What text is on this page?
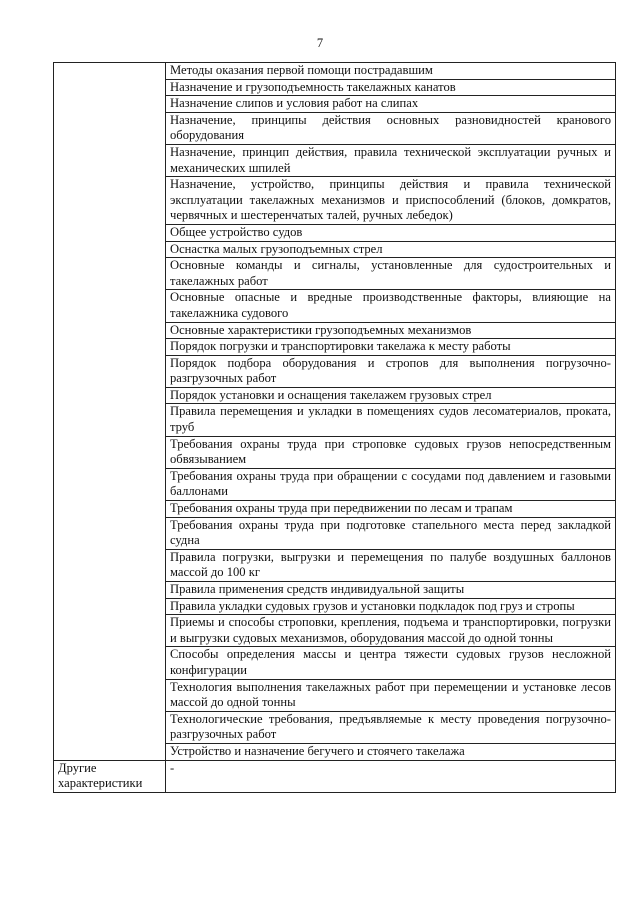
7
	Методы оказания первой помощи пострадавшим
	Назначение и грузоподъемность такелажных канатов
	Назначение слипов и условия работ на слипах
	Назначение, принципы действия основных разновидностей кранового оборудования
	Назначение, принцип действия, правила технической эксплуатации ручных и механических шпилей
	Назначение, устройство, принципы действия и правила технической эксплуатации такелажных механизмов и приспособлений (блоков, домкратов, червячных и шестеренчатых талей, ручных лебедок)
	Общее устройство судов
	Оснастка малых грузоподъемных стрел
	Основные команды и сигналы, установленные для судостроительных и такелажных работ
	Основные опасные и вредные производственные факторы, влияющие на такелажника судового
	Основные характеристики грузоподъемных механизмов
	Порядок погрузки и транспортировки такелажа к месту работы
	Порядок подбора оборудования и стропов для выполнения погрузочно-разгрузочных работ
	Порядок установки и оснащения такелажем грузовых стрел
	Правила перемещения и укладки в помещениях судов лесоматериалов, проката, труб
	Требования охраны труда при строповке судовых грузов непосредственным обвязыванием
	Требования охраны труда при обращении с сосудами под давлением и газовыми баллонами
	Требования охраны труда при передвижении по лесам и трапам
	Требования охраны труда при подготовке стапельного места перед закладкой судна
	Правила погрузки, выгрузки и перемещения по палубе воздушных баллонов массой до 100 кг
	Правила применения средств индивидуальной защиты
	Правила укладки судовых грузов и установки подкладок под груз и стропы
	Приемы и способы строповки, крепления, подъема и транспортировки, погрузки и выгрузки судовых механизмов, оборудования массой до одной тонны
	Способы определения массы и центра тяжести судовых грузов несложной конфигурации
	Технология выполнения такелажных работ при перемещении и установке лесов массой до одной тонны
	Технологические требования, предъявляемые к месту проведения погрузочно-разгрузочных работ
	Устройство и назначение бегучего и стоячего такелажа
Другие характеристики	-
